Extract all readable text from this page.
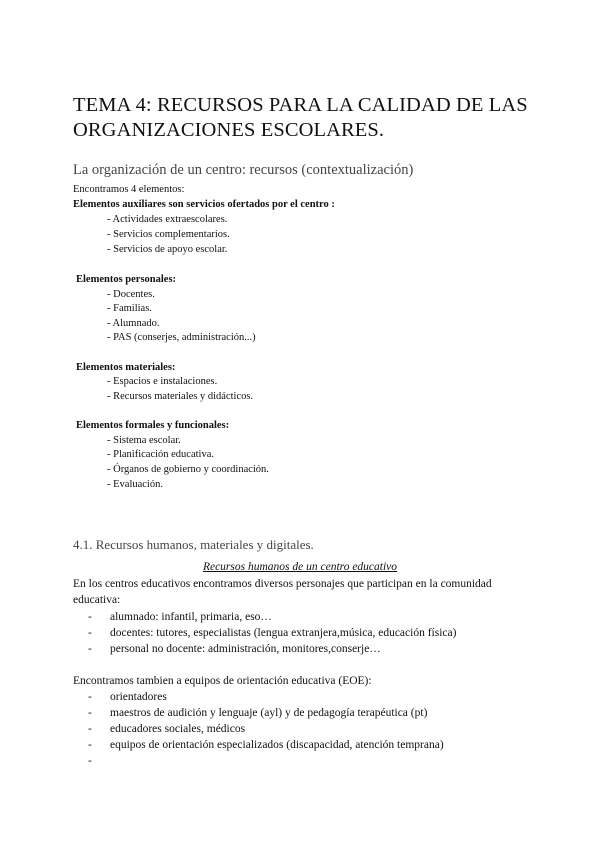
TEMA 4: RECURSOS PARA LA CALIDAD DE LAS ORGANIZACIONES ESCOLARES.
La organización de un centro: recursos (contextualización)
Encontramos 4 elementos:
Elementos auxiliares son servicios ofertados por el centro :
- Actividades extraescolares.
- Servicios complementarios.
- Servicios de apoyo escolar.
Elementos personales:
- Docentes.
- Familias.
- Alumnado.
- PAS (conserjes, administración...)
Elementos materiales:
- Espacios e instalaciones.
- Recursos materiales y didácticos.
Elementos formales y funcionales:
- Sistema escolar.
- Planificación educativa.
- Órganos de gobierno y coordinación.
- Evaluación.
4.1. Recursos humanos, materiales y digitales.
Recursos humanos de un centro educativo
En los centros educativos encontramos diversos personajes que participan en la comunidad educativa:
- alumnado: infantil, primaria, eso…
- docentes: tutores, especialistas (lengua extranjera,música, educación física)
- personal no docente: administración, monitores,conserje…
Encontramos tambien a equipos de orientación educativa (EOE):
- orientadores
- maestros de audición y lenguaje (ayl) y de pedagogía terapéutica (pt)
- educadores sociales, médicos
- equipos de orientación especializados (discapacidad, atención temprana)
-
